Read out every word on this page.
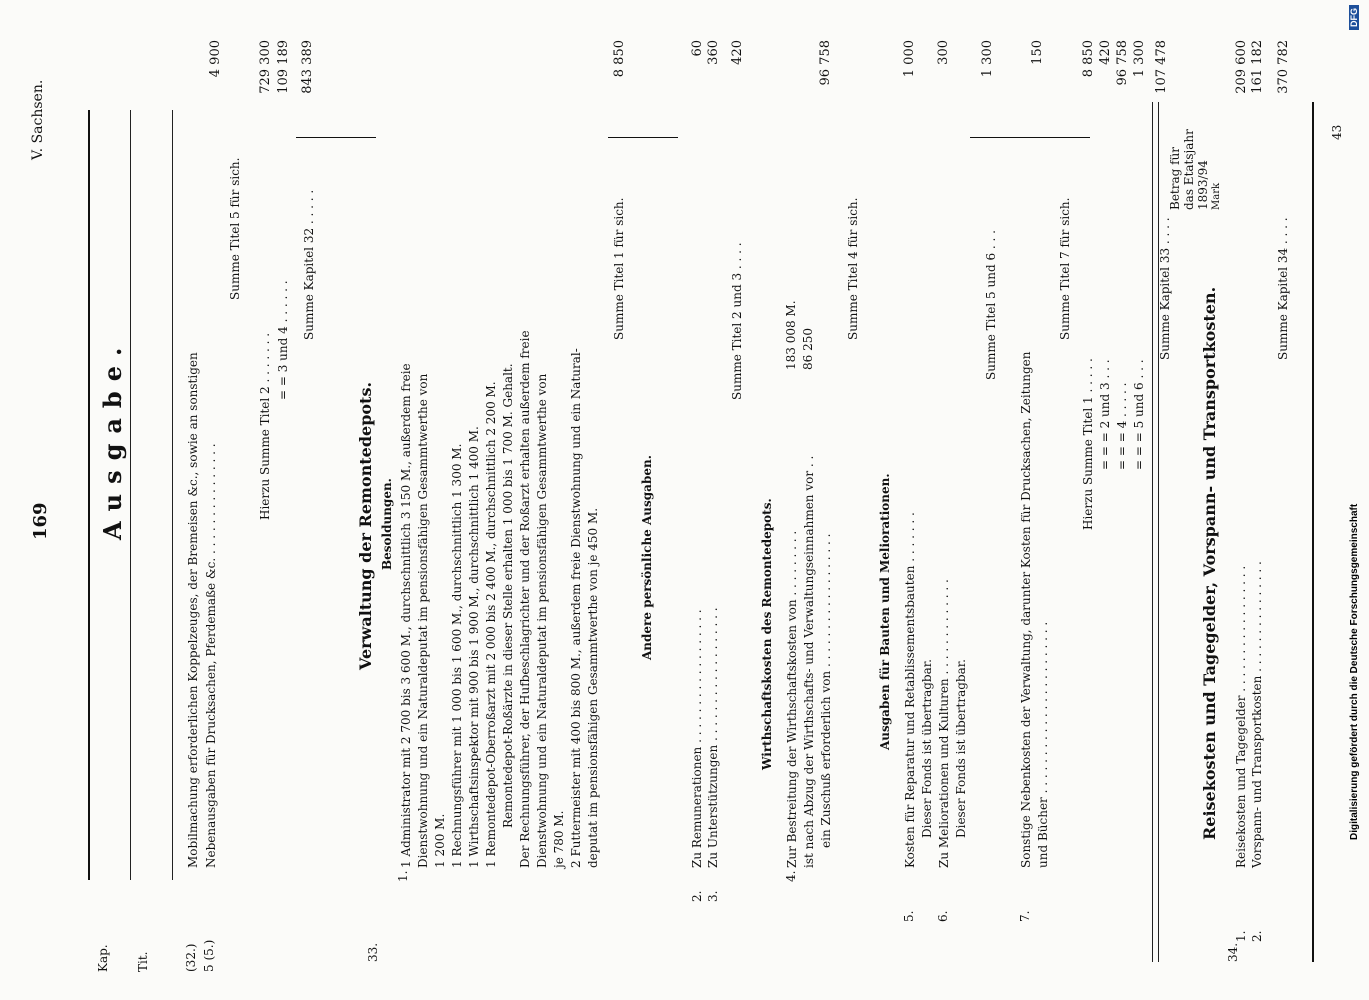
169
V. Sachsen.
Kap. Tit.
Betrag für das Etatsjahr 1893/94 Mark
Ausgabe.
(32.) 5 (5.)
Mobilmachung erforderlichen Koppelzeuges, der Bremeisen &c., sowie an sonstigen Nebenausgaben für Drucksachen, Pferdemaße &c. . . . . . . . . . . . . . . .
Summe Titel 5 für sich.
Hierzu Summe Titel 2 . . . . . . . = = 3 und 4 . . . . . .
Summe Kapitel 32 . . . . .
4 900	729 300 109 189 843 389
33.
Verwaltung der Remontedepots. Besoldungen.
1.
1 Administrator mit 2 700 bis 3 600 M., durchschnittlich 3 150 M., außerdem freie Dienstwohnung und ein Naturaldeputat im pensionsfähigen Gesammtwerthe von 1 200 M. 1 Rechnungsführer mit 1 000 bis 1 600 M., durchschnittlich 1 300 M. 1 Wirthschaftsinspektor mit 900 bis 1 900 M., durchschnittlich 1 400 M. 1 Remontedepot-Oberroßarzt mit 2 000 bis 2 400 M., durchschnittlich 2 200 M. Remontedepot-Roßärzte in dieser Stelle erhalten 1 000 bis 1 700 M. Gehalt. Der Rechnungsführer, der Hufbeschlagrichter und der Roßarzt erhalten außerdem freie Dienstwohnung und ein Naturaldeputat im pensionsfähigen Gesammtwerthe von je 780 M. 2 Futtermeister mit 400 bis 800 M., außerdem freie Dienstwohnung und ein Natural- deputat im pensionsfähigen Gesammtwerthe von je 450 M.
Summe Titel 1 für sich.
8 850
Andere persönliche Ausgaben.
2. 3.
Zu Remunerationen . . . . . . . . . . . . . . . . . . Zu Unterstützungen . . . . . . . . . . . . . . . . . .
60 360
Summe Titel 2 und 3 . . . .
420
Wirthschaftskosten des Remontedepots.
4.
Zur Bestreitung der Wirthschaftskosten von . . . . . . . . . ist nach Abzug der Wirthschafts- und Verwaltungseinnahmen vor . . ein Zuschuß erforderlich von . . . . . . . . . . . . . . . . . .
183 008 M. 86 250
96 758
Summe Titel 4 für sich.
Ausgaben für Bauten und Meliorationen.
5. 6.
Kosten für Reparatur und Retablissementsbauten . . . . . . . Dieser Fonds ist übertragbar. Zu Meliorationen und Kulturen . . . . . . . . . . . . . Dieser Fonds ist übertragbar.
1 000 300
Summe Titel 5 und 6 . . .
1 300
7.
Sonstige Nebenkosten der Verwaltung, darunter Kosten für Drucksachen, Zeitungen und Bücher . . . . . . . . . . . . . . . . . . . . . . .
150
Summe Titel 7 für sich.
Hierzu Summe Titel 1 . . . . . = = = 2 und 3 . . . = = = 4 . . . . . = = = 5 und 6 . . .
8 850 420 96 758 1 300
Summe Kapitel 33 . . . .
107 478
34.
Reisekosten und Tagegelder, Vorspann- und Transportkosten.
1. 2.
Reisekosten und Tagegelder . . . . . . . . . . . . . . . . . Vorspann- und Transportkosten . . . . . . . . . . . . . . .
209 600 161 182
Summe Kapitel 34 . . . .
370 782
43
Digitalisierung gefördert durch die Deutsche Forschungsgemeinschaft
DFG
